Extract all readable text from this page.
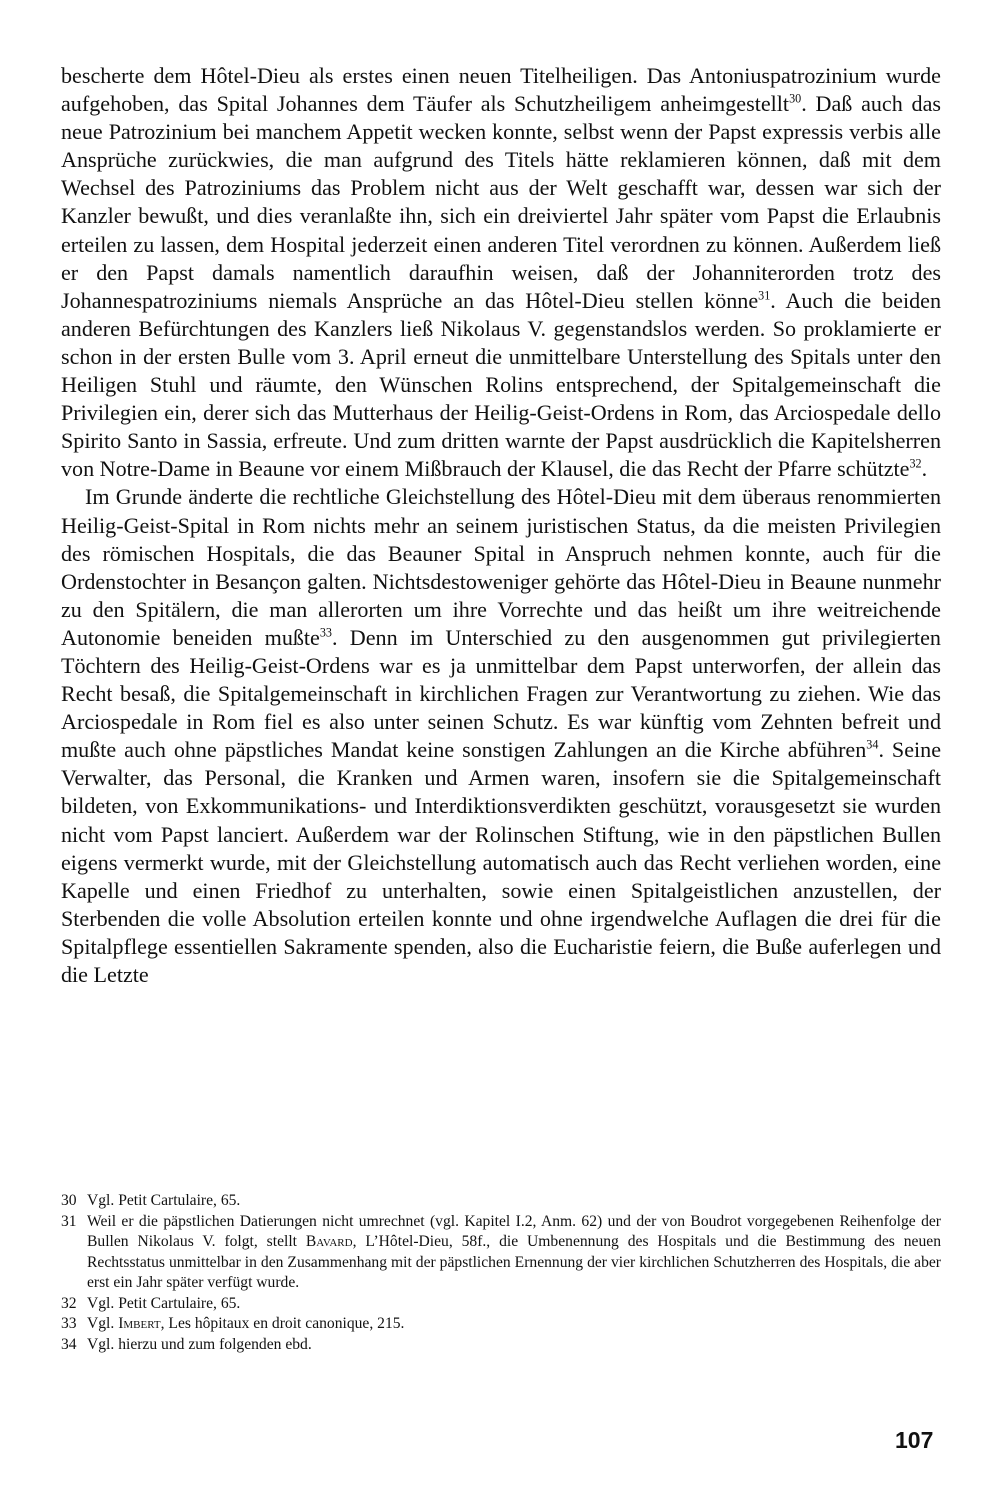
bescherte dem Hôtel-Dieu als erstes einen neuen Titelheiligen. Das Antoniuspatrozinium wurde aufgehoben, das Spital Johannes dem Täufer als Schutzheiligem anheimgestellt$^{30}$. Daß auch das neue Patrozinium bei manchem Appetit wecken konnte, selbst wenn der Papst expressis verbis alle Ansprüche zurückwies, die man aufgrund des Titels hätte reklamieren können, daß mit dem Wechsel des Patroziniums das Problem nicht aus der Welt geschafft war, dessen war sich der Kanzler bewußt, und dies veranlaßte ihn, sich ein dreiviertel Jahr später vom Papst die Erlaubnis erteilen zu lassen, dem Hospital jederzeit einen anderen Titel verordnen zu können. Außerdem ließ er den Papst damals namentlich daraufhin weisen, daß der Johanniterorden trotz des Johannespatroziniums niemals Ansprüche an das Hôtel-Dieu stellen könne$^{31}$. Auch die beiden anderen Befürchtungen des Kanzlers ließ Nikolaus V. gegenstandslos werden. So proklamierte er schon in der ersten Bulle vom 3. April erneut die unmittelbare Unterstellung des Spitals unter den Heiligen Stuhl und räumte, den Wünschen Rolins entsprechend, der Spitalgemeinschaft die Privilegien ein, derer sich das Mutterhaus der Heilig-Geist-Ordens in Rom, das Arciospedale dello Spirito Santo in Sassia, erfreute. Und zum dritten warnte der Papst ausdrücklich die Kapitelsherren von Notre-Dame in Beaune vor einem Mißbrauch der Klausel, die das Recht der Pfarre schützte$^{32}$.

Im Grunde änderte die rechtliche Gleichstellung des Hôtel-Dieu mit dem überaus renommierten Heilig-Geist-Spital in Rom nichts mehr an seinem juristischen Status, da die meisten Privilegien des römischen Hospitals, die das Beauner Spital in Anspruch nehmen konnte, auch für die Ordenstochter in Besançon galten. Nichtsdestoweniger gehörte das Hôtel-Dieu in Beaune nunmehr zu den Spitälern, die man allerorten um ihre Vorrechte und das heißt um ihre weitreichende Autonomie beneiden mußte$^{33}$. Denn im Unterschied zu den ausgenommen gut privilegierten Töchtern des Heilig-Geist-Ordens war es ja unmittelbar dem Papst unterworfen, der allein das Recht besaß, die Spitalgemeinschaft in kirchlichen Fragen zur Verantwortung zu ziehen. Wie das Arciospedale in Rom fiel es also unter seinen Schutz. Es war künftig vom Zehnten befreit und mußte auch ohne päpstliches Mandat keine sonstigen Zahlungen an die Kirche abführen$^{34}$. Seine Verwalter, das Personal, die Kranken und Armen waren, insofern sie die Spitalgemeinschaft bildeten, von Exkommunikations- und Interdiktionsverdikten geschützt, vorausgesetzt sie wurden nicht vom Papst lanciert. Außerdem war der Rolinschen Stiftung, wie in den päpstlichen Bullen eigens vermerkt wurde, mit der Gleichstellung automatisch auch das Recht verliehen worden, eine Kapelle und einen Friedhof zu unterhalten, sowie einen Spitalgeistlichen anzustellen, der Sterbenden die volle Absolution erteilen konnte und ohne irgendwelche Auflagen die drei für die Spitalpflege essentiellen Sakramente spenden, also die Eucharistie feiern, die Buße auferlegen und die Letzte

30 Vgl. Petit Cartulaire, 65.
31 Weil er die päpstlichen Datierungen nicht umrechnet (vgl. Kapitel I.2, Anm. 62) und der von Boudrot vorgegebenen Reihenfolge der Bullen Nikolaus V. folgt, stellt Bavard, L’Hôtel-Dieu, 58f., die Umbenennung des Hospitals und die Bestimmung des neuen Rechtsstatus unmittelbar in den Zusammenhang mit der päpstlichen Ernennung der vier kirchlichen Schutzherren des Hospitals, die aber erst ein Jahr später verfügt wurde.
32 Vgl. Petit Cartulaire, 65.
33 Vgl. Imbert, Les hôpitaux en droit canonique, 215.
34 Vgl. hierzu und zum folgenden ebd.
107
